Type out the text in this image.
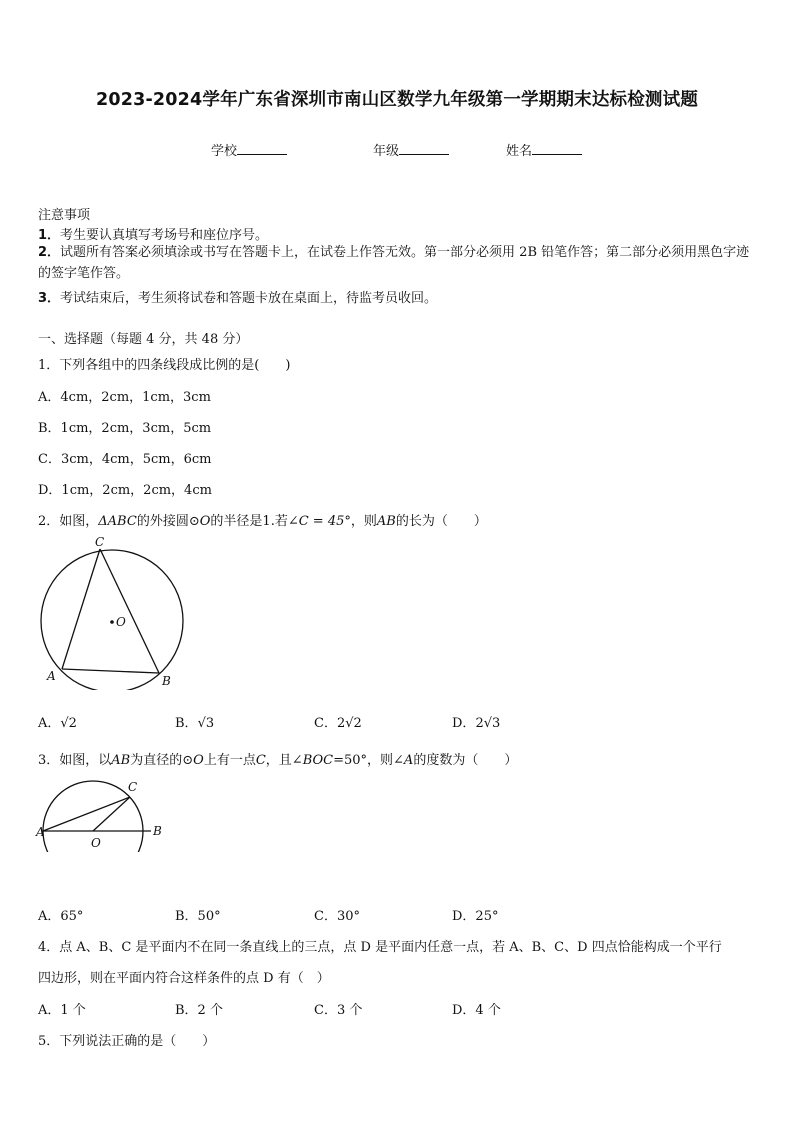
2023-2024学年广东省深圳市南山区数学九年级第一学期期末达标检测试题
学校	年级	姓名
注意事项
1．考生要认真填写考场号和座位序号。
2．试题所有答案必须填涂或书写在答题卡上，在试卷上作答无效。第一部分必须用 2B 铅笔作答；第二部分必须用黑色字迹的签字笔作答。
3．考试结束后，考生须将试卷和答题卡放在桌面上，待监考员收回。
一、选择题（每题 4 分，共 48 分）
1．下列各组中的四条线段成比例的是(　　)
A．4cm，2cm，1cm，3cm
B．1cm，2cm，3cm，5cm
C．3cm，4cm，5cm，6cm
D．1cm，2cm，2cm，4cm
2．如图，ΔABC的外接圆⊙O的半径是1.若∠C = 45°，则AB的长为（　　）
C
O
A	B
A．√2	B．√3	C．2√2	D．2√3
3．如图，以AB为直径的⊙O上有一点C，且∠BOC=50°，则∠A的度数为（　　）
C
A	B
O
A．65°	B．50°	C．30°	D．25°
4．点 A、B、C 是平面内不在同一条直线上的三点，点 D 是平面内任意一点，若 A、B、C、D 四点恰能构成一个平行
四边形，则在平面内符合这样条件的点 D 有（　）
A．1 个	B．2 个	C．3 个	D．4 个
5．下列说法正确的是（　　）
